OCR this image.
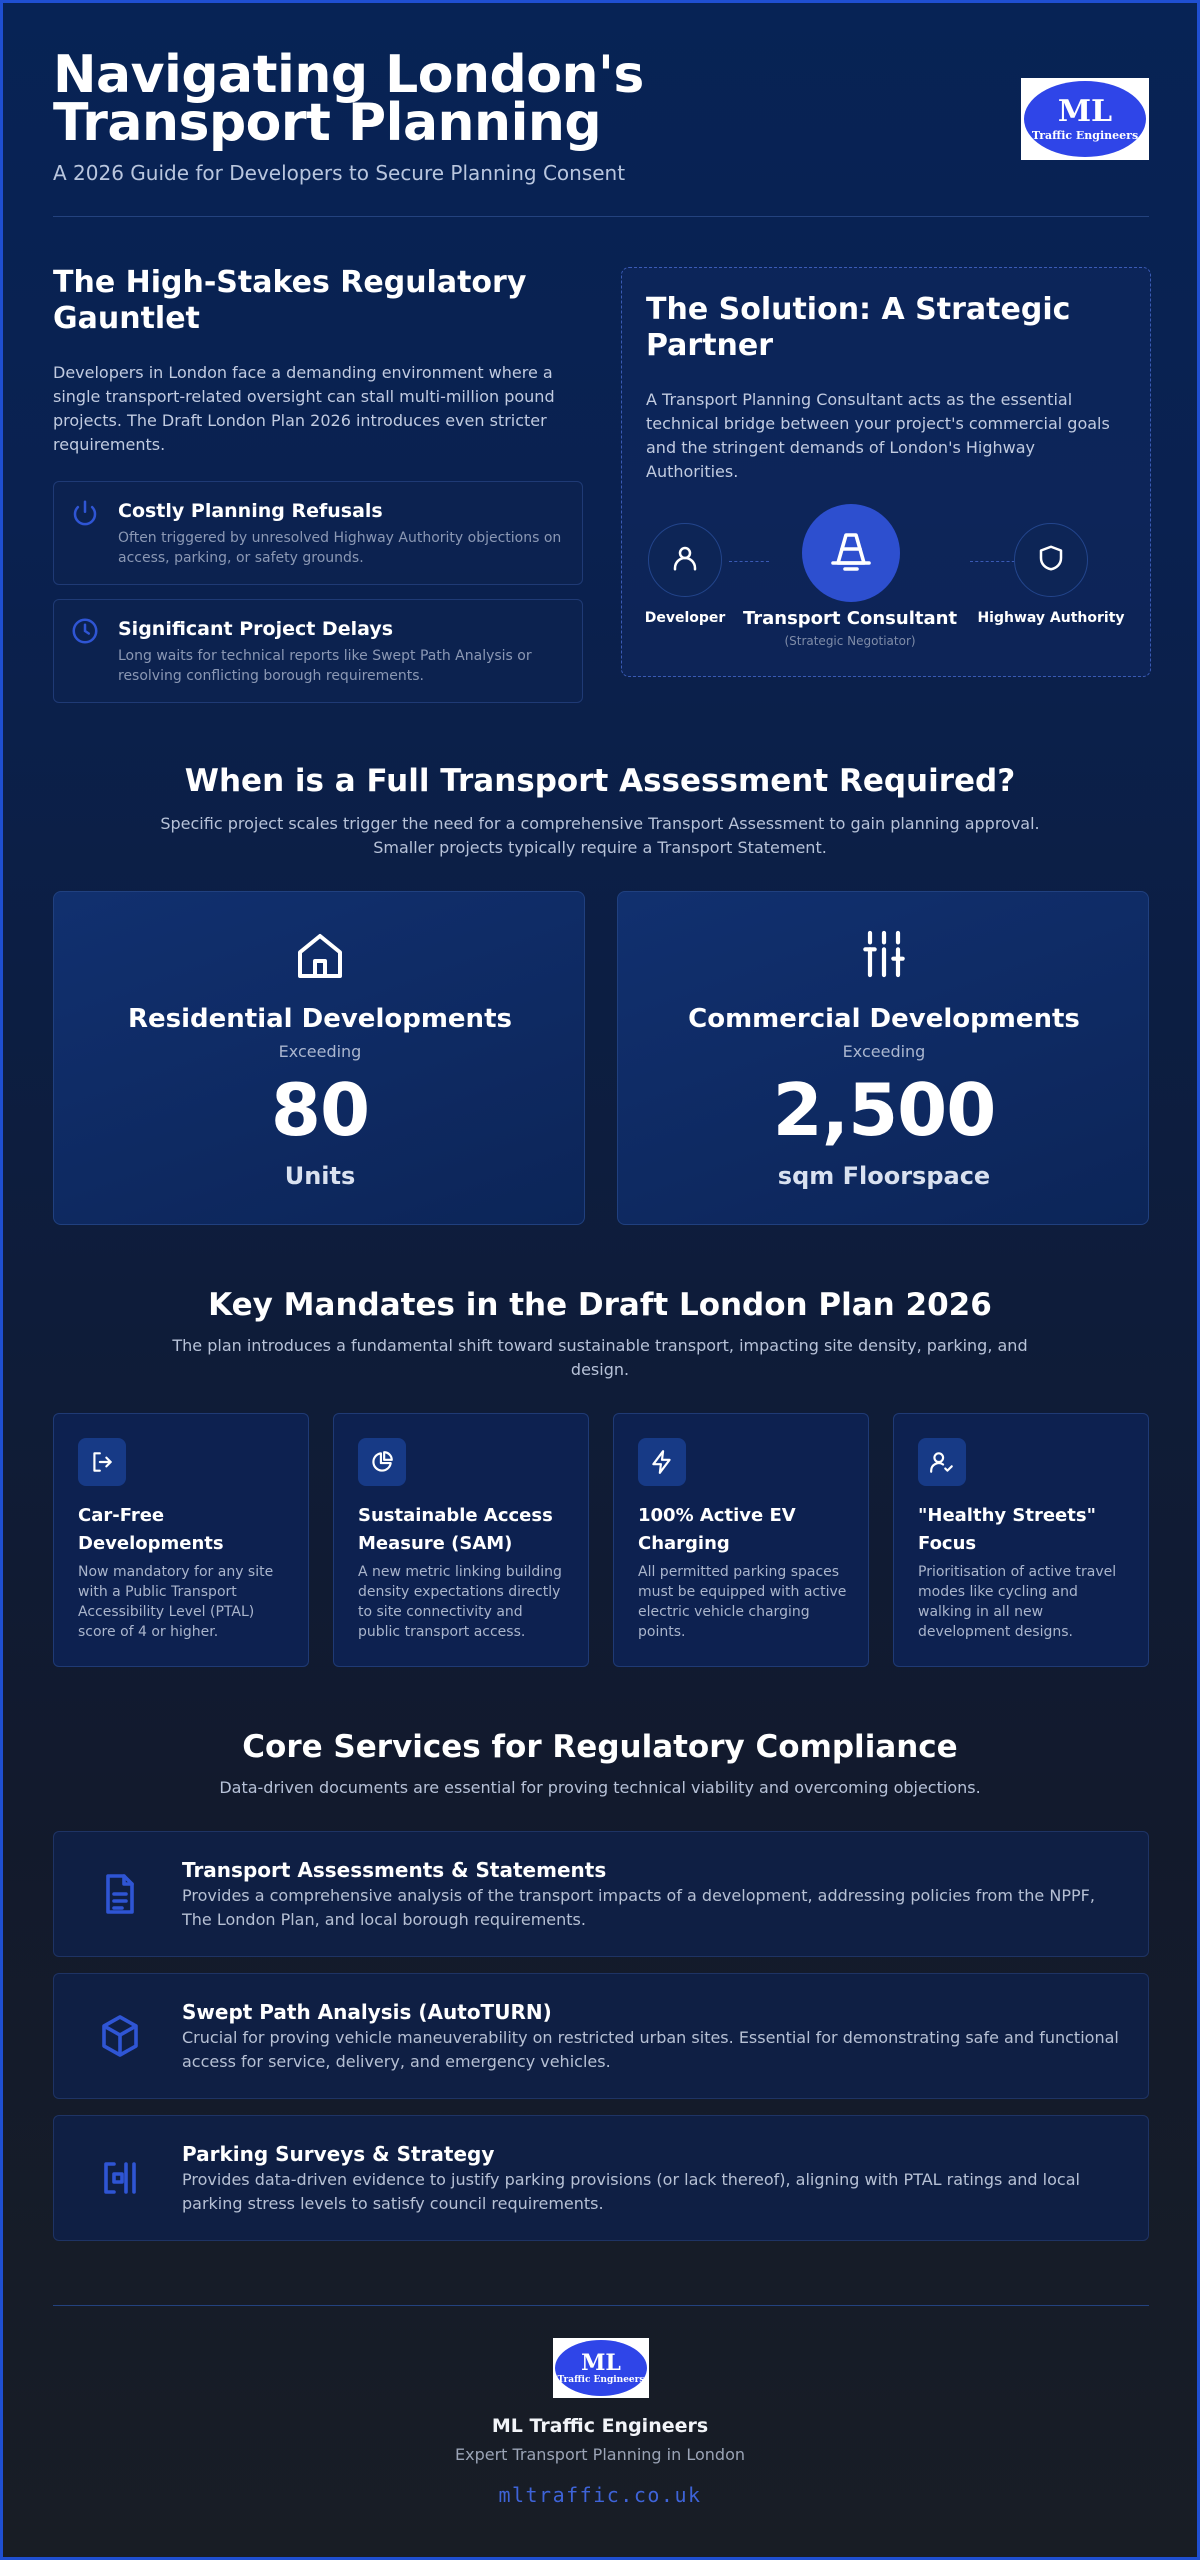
Navigating London's Transport Planning
A 2026 Guide for Developers to Secure Planning Consent
ML
Traffic Engineers
The High-Stakes Regulatory Gauntlet
Developers in London face a demanding environment where a single transport-related oversight can stall multi-million pound projects. The Draft London Plan 2026 introduces even stricter requirements.
Costly Planning Refusals
Often triggered by unresolved Highway Authority objections on access, parking, or safety grounds.
Significant Project Delays
Long waits for technical reports like Swept Path Analysis or resolving conflicting borough requirements.
The Solution: A Strategic Partner
A Transport Planning Consultant acts as the essential technical bridge between your project's commercial goals and the stringent demands of London's Highway Authorities.
Developer Transport Consultant
(Strategic Negotiator)
Highway Authority
When is a Full Transport Assessment Required?
Specific project scales trigger the need for a comprehensive Transport Assessment to gain planning approval.
Smaller projects typically require a Transport Statement.
Residential Developments
Exceeding
80
Units
Commercial Developments
Exceeding
2,500
sqm Floorspace
Key Mandates in the Draft London Plan 2026
The plan introduces a fundamental shift toward sustainable transport, impacting site density, parking, and
design.
Car-Free Developments
Now mandatory for any site with a Public Transport Accessibility Level (PTAL) score of 4 or higher.
Sustainable Access Measure (SAM)
A new metric linking building density expectations directly to site connectivity and public transport access.
100% Active EV Charging
All permitted parking spaces must be equipped with active electric vehicle charging points.
"Healthy Streets" Focus
Prioritisation of active travel modes like cycling and walking in all new development designs.
Core Services for Regulatory Compliance
Data-driven documents are essential for proving technical viability and overcoming objections.
Transport Assessments & Statements
Provides a comprehensive analysis of the transport impacts of a development, addressing policies from the NPPF, The London Plan, and local borough requirements.
Swept Path Analysis (AutoTURN)
Crucial for proving vehicle maneuverability on restricted urban sites. Essential for demonstrating safe and functional access for service, delivery, and emergency vehicles.
Parking Surveys & Strategy
Provides data-driven evidence to justify parking provisions (or lack thereof), aligning with PTAL ratings and local parking stress levels to satisfy council requirements.
ML
Traffic Engineers
ML Traffic Engineers
Expert Transport Planning in London
mltraffic.co.uk
